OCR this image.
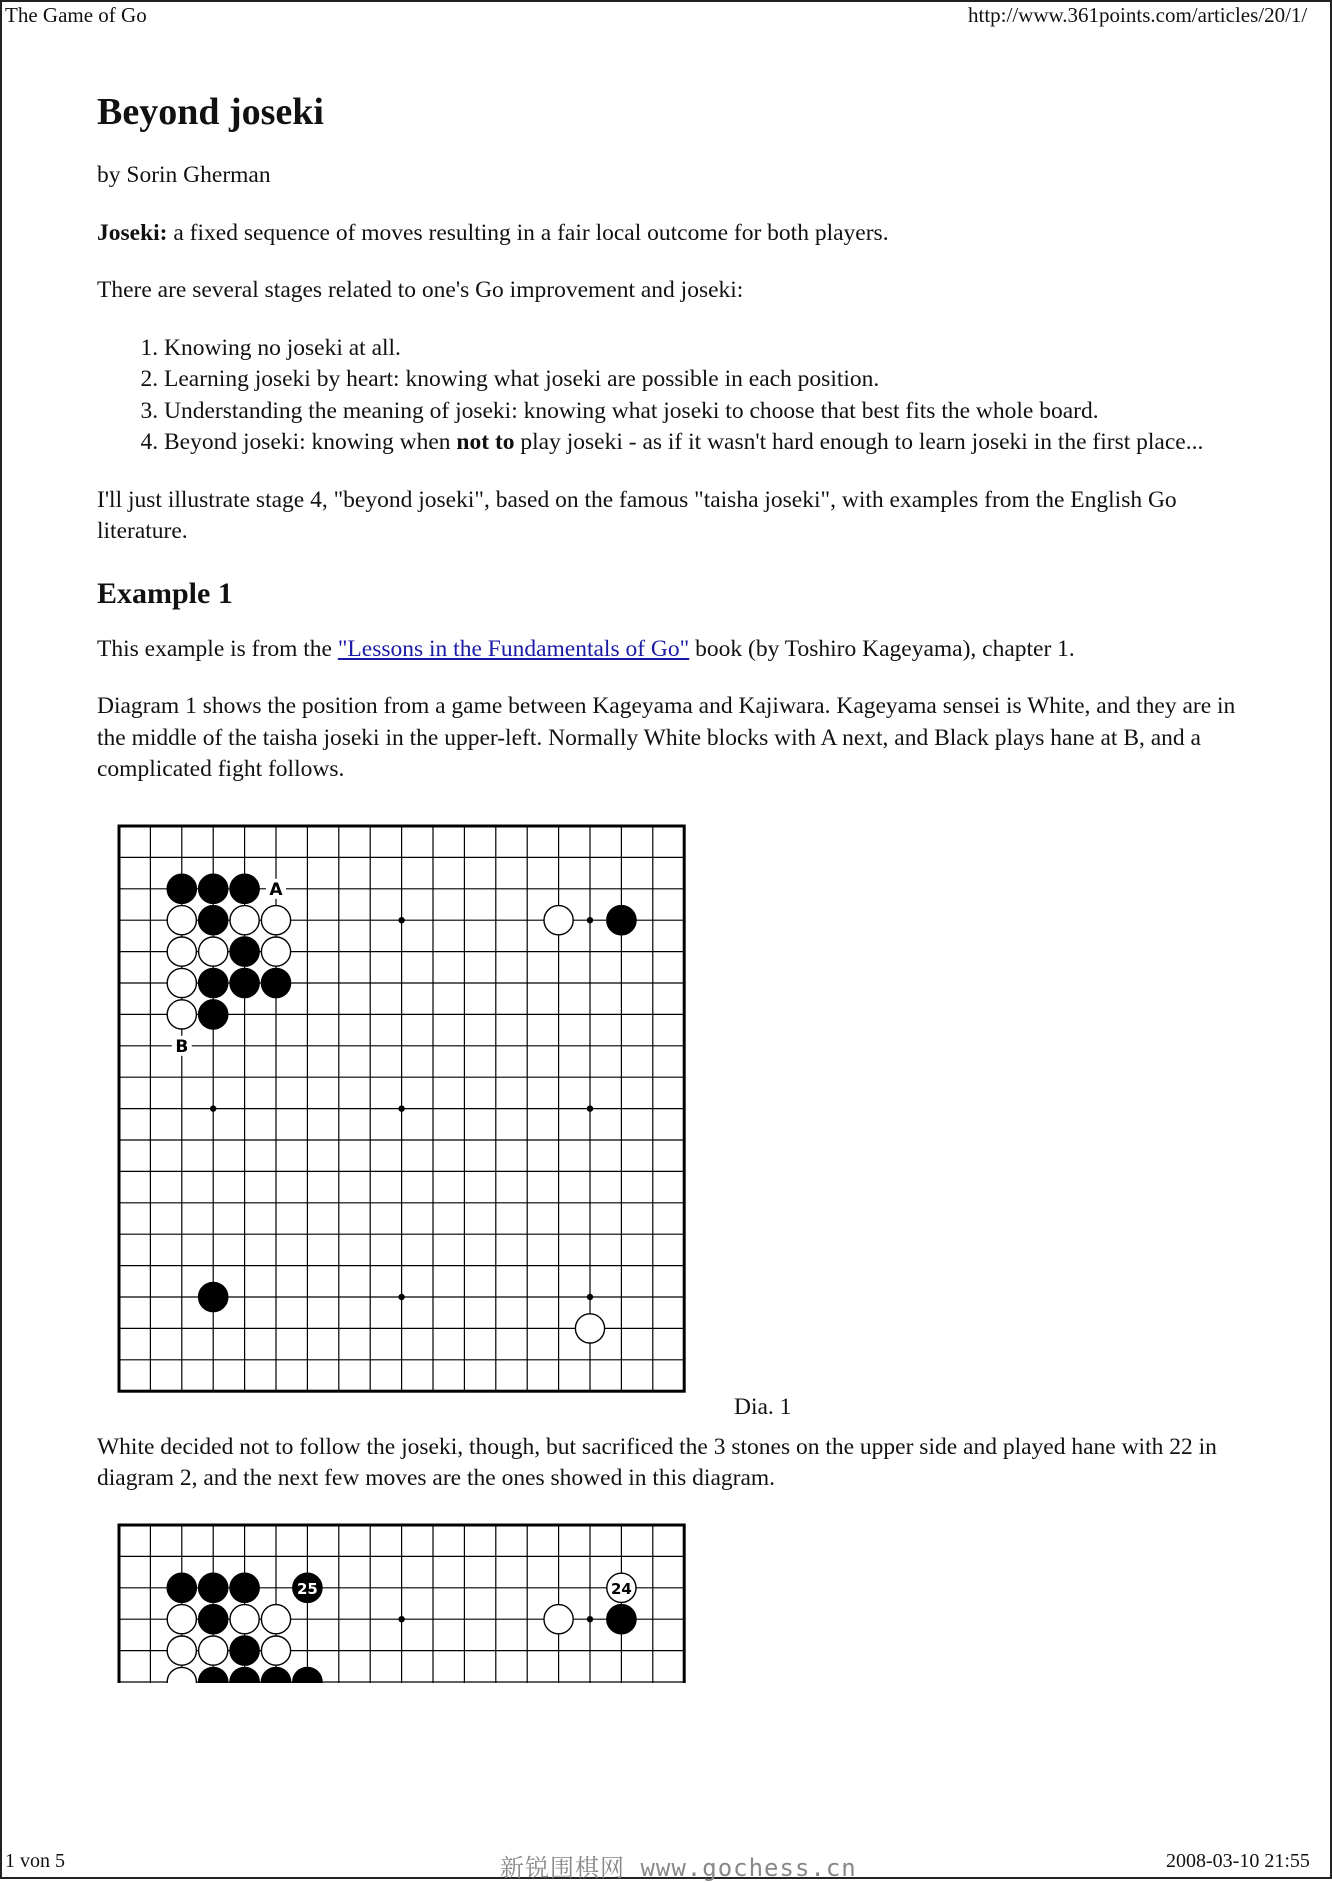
The Game of Go	http://www.361points.com/articles/20/1/
Beyond joseki

by Sorin Gherman

Joseki: a fixed sequence of moves resulting in a fair local outcome for both players.

There are several stages related to one's Go improvement and joseki:

1. Knowing no joseki at all.
2. Learning joseki by heart: knowing what joseki are possible in each position.
3. Understanding the meaning of joseki: knowing what joseki to choose that best fits the whole board.
4. Beyond joseki: knowing when not to play joseki - as if it wasn't hard enough to learn joseki in the first place...

I'll just illustrate stage 4, "beyond joseki", based on the famous "taisha joseki", with examples from the English Go literature.

Example 1

This example is from the "Lessons in the Fundamentals of Go" book (by Toshiro Kageyama), chapter 1.

Diagram 1 shows the position from a game between Kageyama and Kajiwara. Kageyama sensei is White, and they are in the middle of the taisha joseki in the upper-left. Normally White blocks with A next, and Black plays hane at B, and a complicated fight follows.

A
B
Dia. 1

White decided not to follow the joseki, though, but sacrificed the 3 stones on the upper side and played hane with 22 in diagram 2, and the next few moves are the ones showed in this diagram.

25	24
1 von 5	新锐围棋网 www.gochess.cn	2008-03-10 21:55
